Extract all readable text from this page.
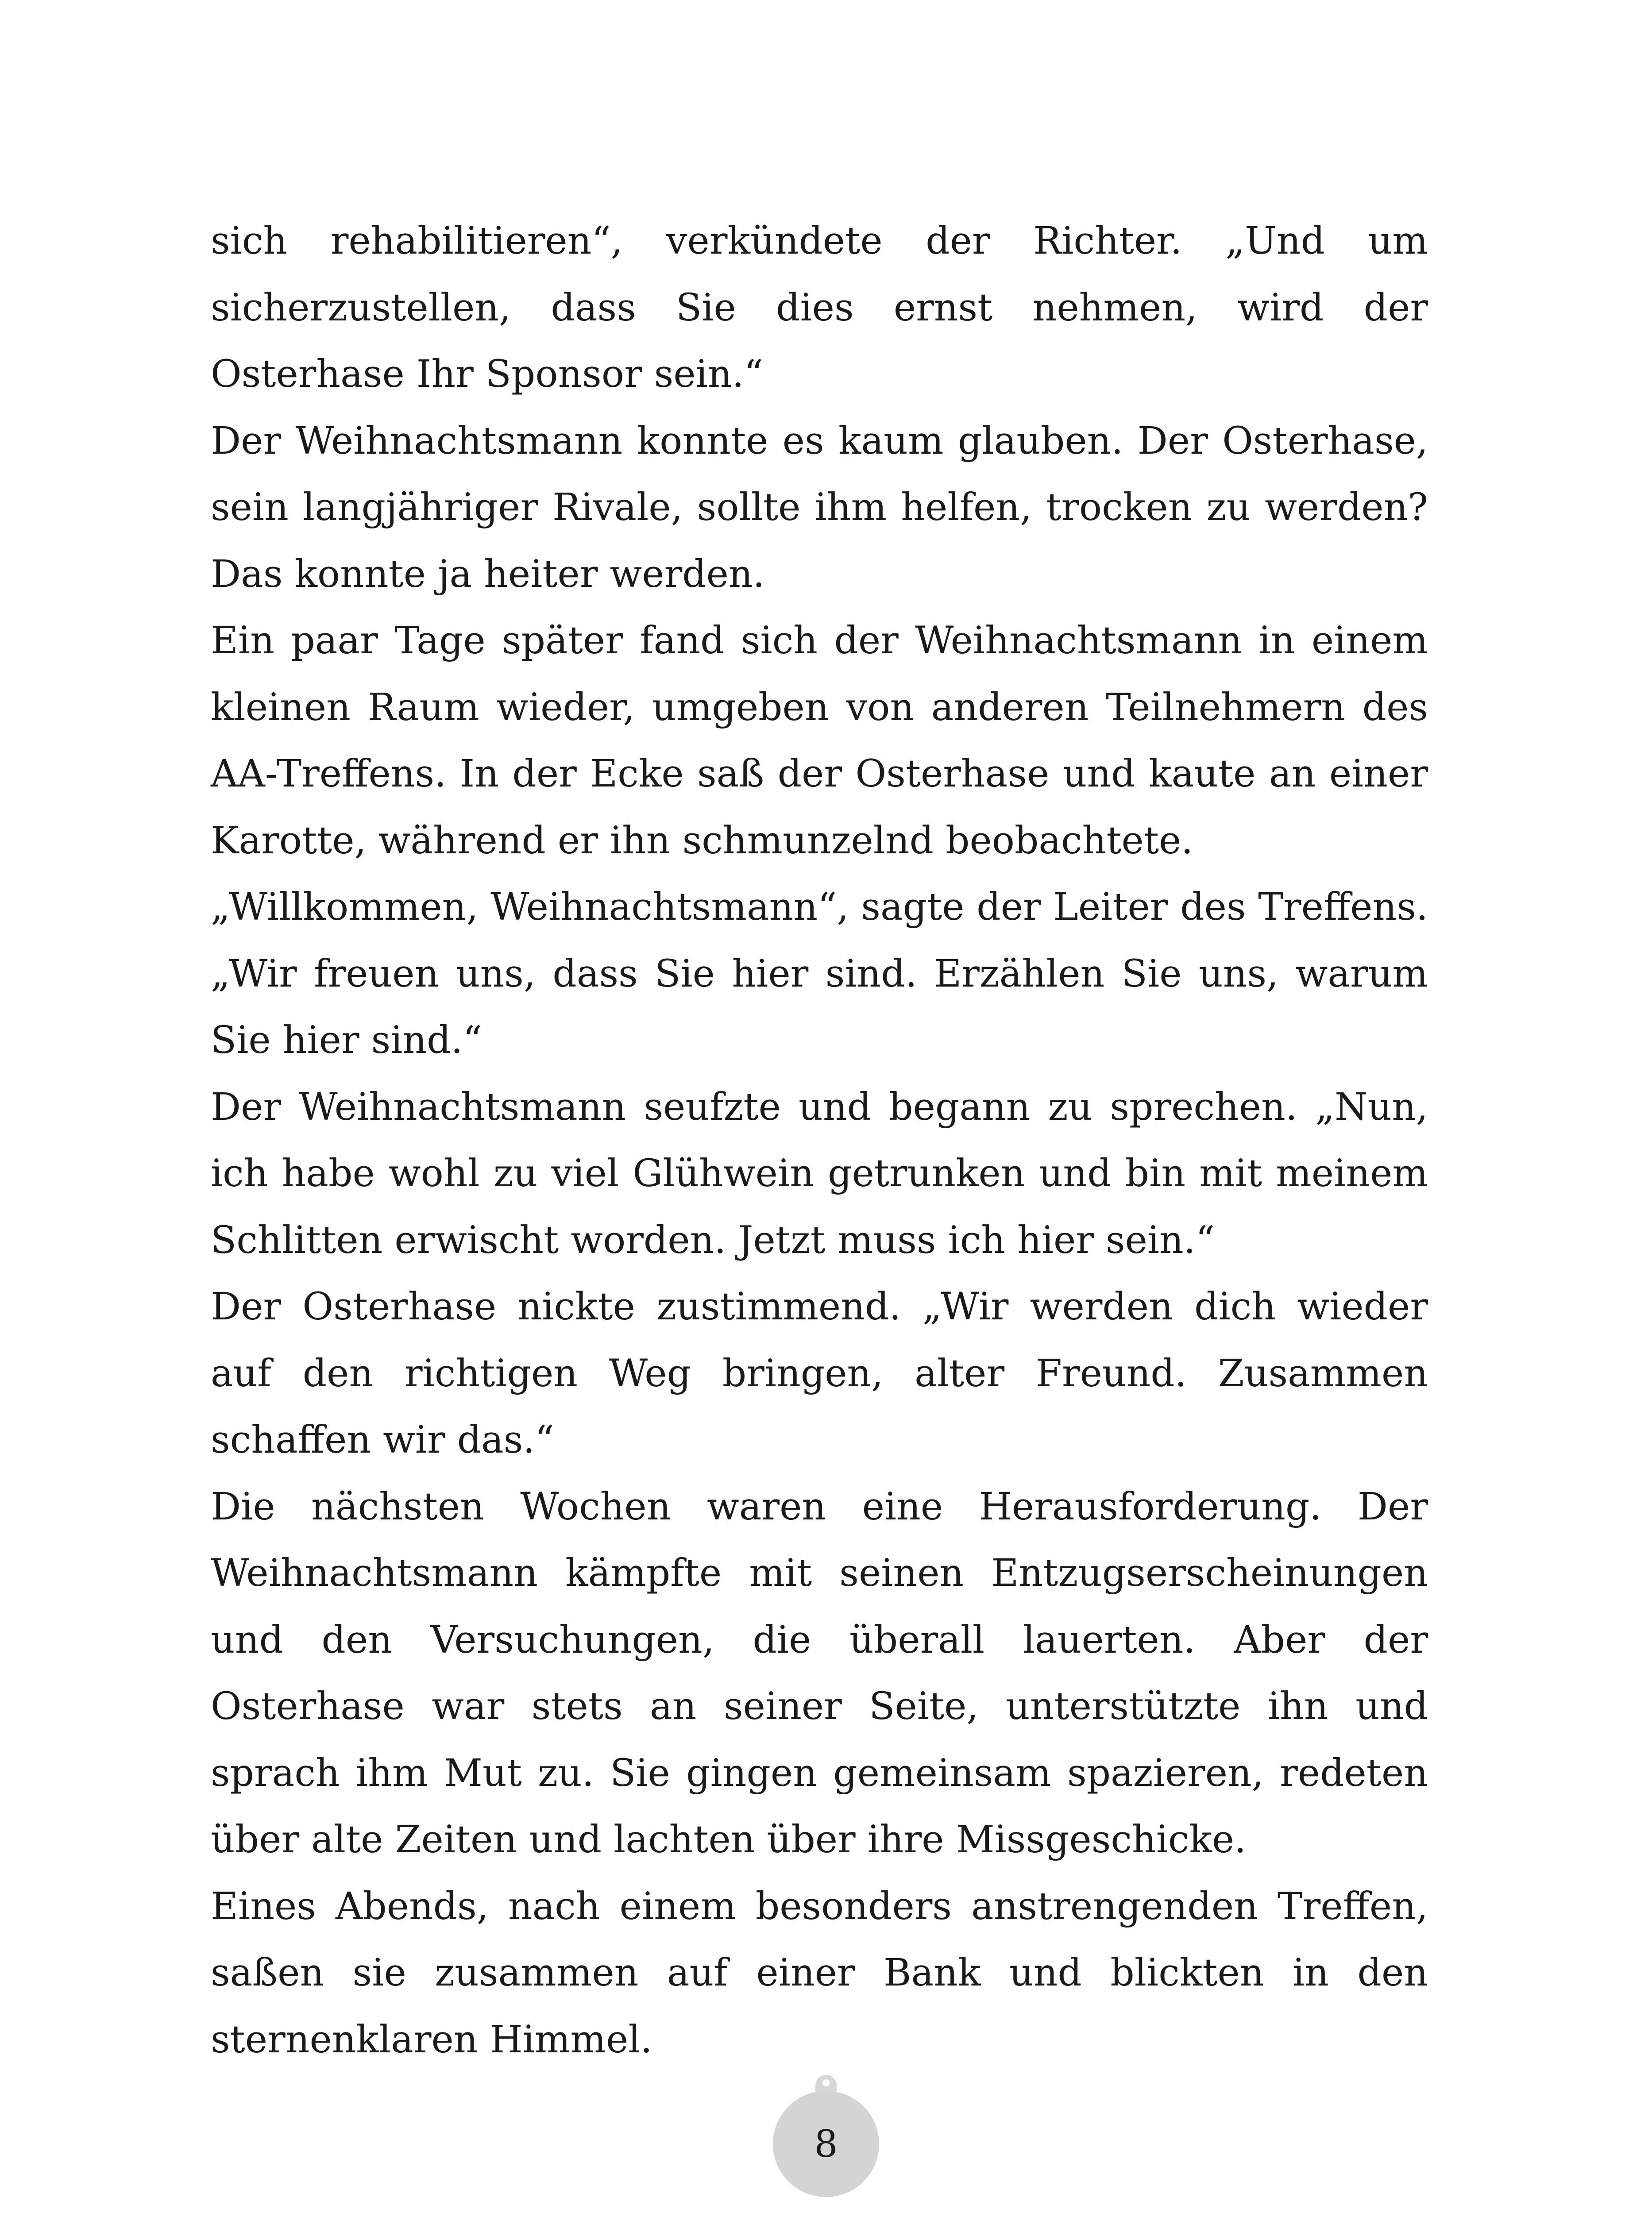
sich rehabilitieren“, verkündete der Richter. „Und um sicherzustellen, dass Sie dies ernst nehmen, wird der Osterhase Ihr Sponsor sein.“

Der Weihnachtsmann konnte es kaum glauben. Der Osterhase, sein langjähriger Rivale, sollte ihm helfen, trocken zu werden? Das konnte ja heiter werden.

Ein paar Tage später fand sich der Weihnachtsmann in einem kleinen Raum wieder, umgeben von anderen Teilnehmern des AA-Treffens. In der Ecke saß der Osterhase und kaute an einer Karotte, während er ihn schmunzelnd beobachtete.

„Willkommen, Weihnachtsmann“, sagte der Leiter des Treffens. „Wir freuen uns, dass Sie hier sind. Erzählen Sie uns, warum Sie hier sind.“

Der Weihnachtsmann seufzte und begann zu sprechen. „Nun, ich habe wohl zu viel Glühwein getrunken und bin mit meinem Schlitten erwischt worden. Jetzt muss ich hier sein.“

Der Osterhase nickte zustimmend. „Wir werden dich wieder auf den richtigen Weg bringen, alter Freund. Zusammen schaffen wir das.“

Die nächsten Wochen waren eine Herausforderung. Der Weihnachtsmann kämpfte mit seinen Entzugserscheinungen und den Versuchungen, die überall lauerten. Aber der Osterhase war stets an seiner Seite, unterstützte ihn und sprach ihm Mut zu. Sie gingen gemeinsam spazieren, redeten über alte Zeiten und lachten über ihre Missgeschicke.

Eines Abends, nach einem besonders anstrengenden Treffen, saßen sie zusammen auf einer Bank und blickten in den sternenklaren Himmel.

8
